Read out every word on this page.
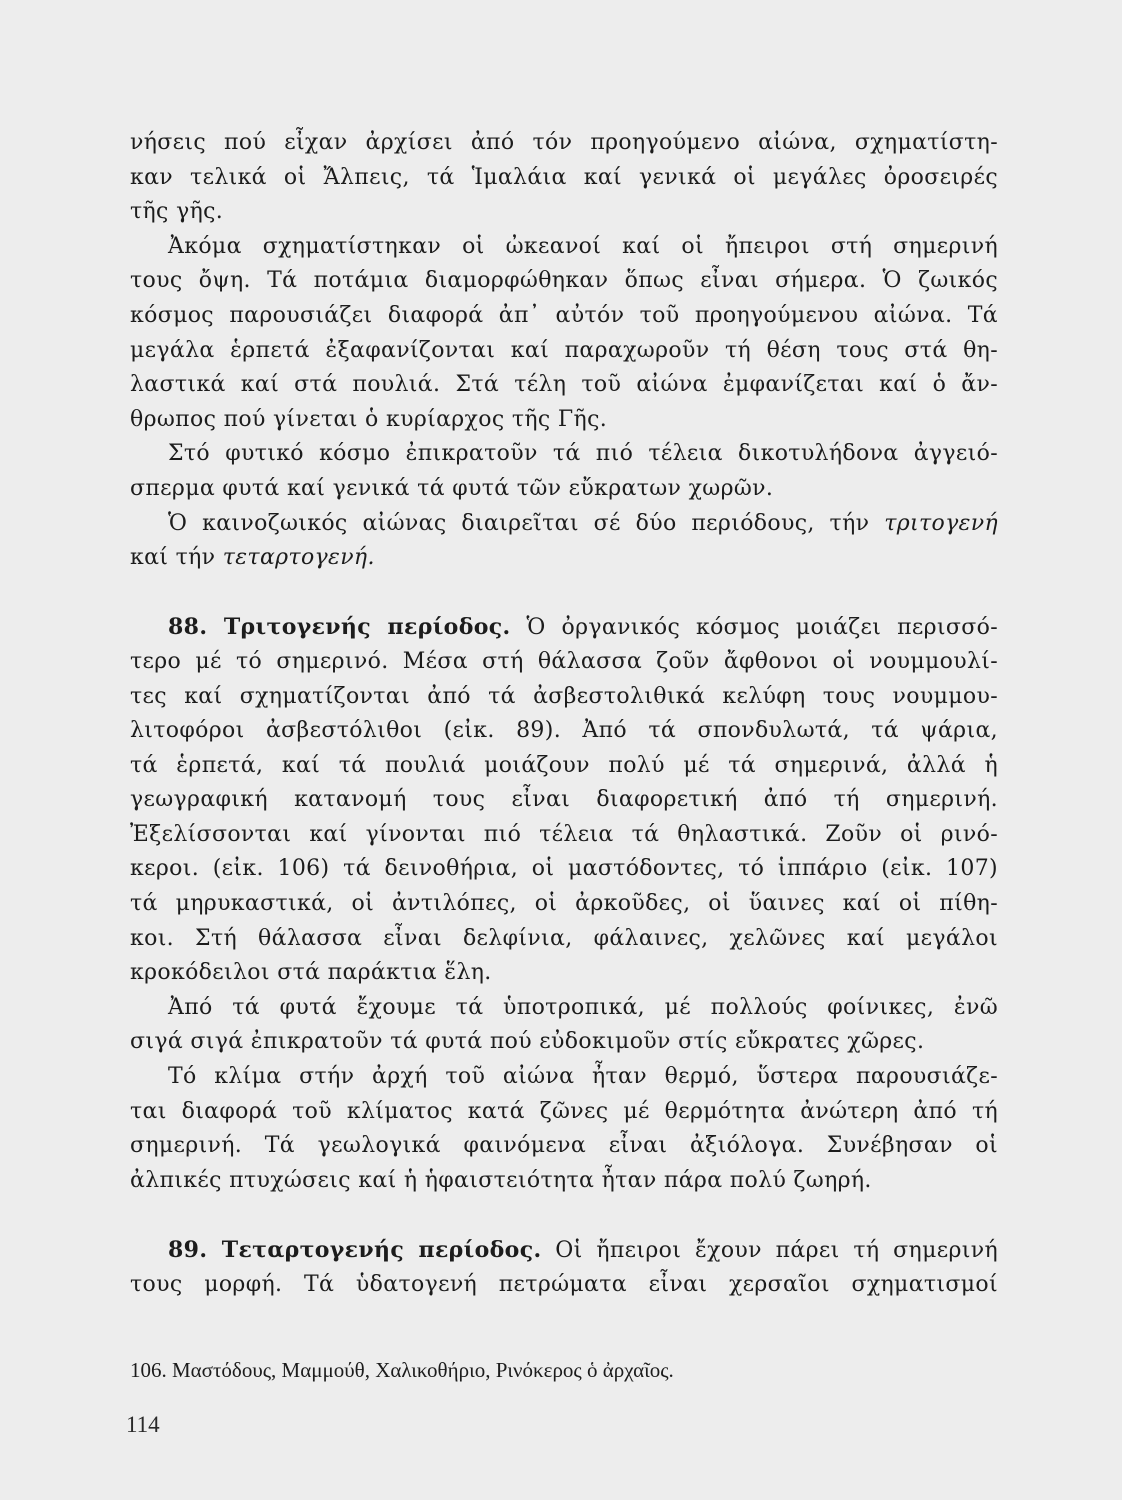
νήσεις πού εἶχαν ἀρχίσει ἀπό τόν προηγούμενο αἰώνα, σχηματίστη-
καν τελικά οἱ Ἄλπεις, τά Ἱμαλάια καί γενικά οἱ μεγάλες ὀροσειρές
τῆς γῆς.
Ἀκόμα σχηματίστηκαν οἱ ὠκεανοί καί οἱ ἤπειροι στή σημερινή
τους ὄψη. Τά ποτάμια διαμορφώθηκαν ὅπως εἶναι σήμερα. Ὁ ζωικός
κόσμος παρουσιάζει διαφορά ἀπ᾽ αὐτόν τοῦ προηγούμενου αἰώνα. Τά
μεγάλα ἑρπετά ἐξαφανίζονται καί παραχωροῦν τή θέση τους στά θη-
λαστικά καί στά πουλιά. Στά τέλη τοῦ αἰώνα ἐμφανίζεται καί ὁ ἄν-
θρωπος πού γίνεται ὁ κυρίαρχος τῆς Γῆς.
Στό φυτικό κόσμο ἐπικρατοῦν τά πιό τέλεια δικοτυλήδονα ἀγγειό-
σπερμα φυτά καί γενικά τά φυτά τῶν εὔκρατων χωρῶν.
Ὁ καινοζωικός αἰώνας διαιρεῖται σέ δύο περιόδους, τήν τριτογενή
καί τήν τεταρτογενή.
88. Τριτογενής περίοδος. Ὁ ὀργανικός κόσμος μοιάζει περισσό-
τερο μέ τό σημερινό. Μέσα στή θάλασσα ζοῦν ἄφθονοι οἱ νουμμουλί-
τες καί σχηματίζονται ἀπό τά ἀσβεστολιθικά κελύφη τους νουμμου-
λιτοφόροι ἀσβεστόλιθοι (εἰκ. 89). Ἀπό τά σπονδυλωτά, τά ψάρια,
τά ἑρπετά, καί τά πουλιά μοιάζουν πολύ μέ τά σημερινά, ἀλλά ἡ
γεωγραφική κατανομή τους εἶναι διαφορετική ἀπό τή σημερινή.
Ἐξελίσσονται καί γίνονται πιό τέλεια τά θηλαστικά. Ζοῦν οἱ ρινό-
κεροι. (εἰκ. 106) τά δεινοθήρια, οἱ μαστόδοντες, τό ἱππάριο (εἰκ. 107)
τά μηρυκαστικά, οἱ ἀντιλόπες, οἱ ἀρκοῦδες, οἱ ὕαινες καί οἱ πίθη-
κοι. Στή θάλασσα εἶναι δελφίνια, φάλαινες, χελῶνες καί μεγάλοι
κροκόδειλοι στά παράκτια ἕλη.
Ἀπό τά φυτά ἔχουμε τά ὑποτροπικά, μέ πολλούς φοίνικες, ἐνῶ
σιγά σιγά ἐπικρατοῦν τά φυτά πού εὐδοκιμοῦν στίς εὔκρατες χῶρες.
Τό κλίμα στήν ἀρχή τοῦ αἰώνα ἦταν θερμό, ὕστερα παρουσιάζε-
ται διαφορά τοῦ κλίματος κατά ζῶνες μέ θερμότητα ἀνώτερη ἀπό τή
σημερινή. Τά γεωλογικά φαινόμενα εἶναι ἀξιόλογα. Συνέβησαν οἱ
ἀλπικές πτυχώσεις καί ἡ ἡφαιστειότητα ἦταν πάρα πολύ ζωηρή.
89. Τεταρτογενής περίοδος. Οἱ ἤπειροι ἔχουν πάρει τή σημερινή
τους μορφή. Τά ὑδατογενή πετρώματα εἶναι χερσαῖοι σχηματισμοί
106. Μαστόδους, Μαμμούθ, Χαλικοθήριο, Ρινόκερος ὁ ἀρχαῖος.
114
